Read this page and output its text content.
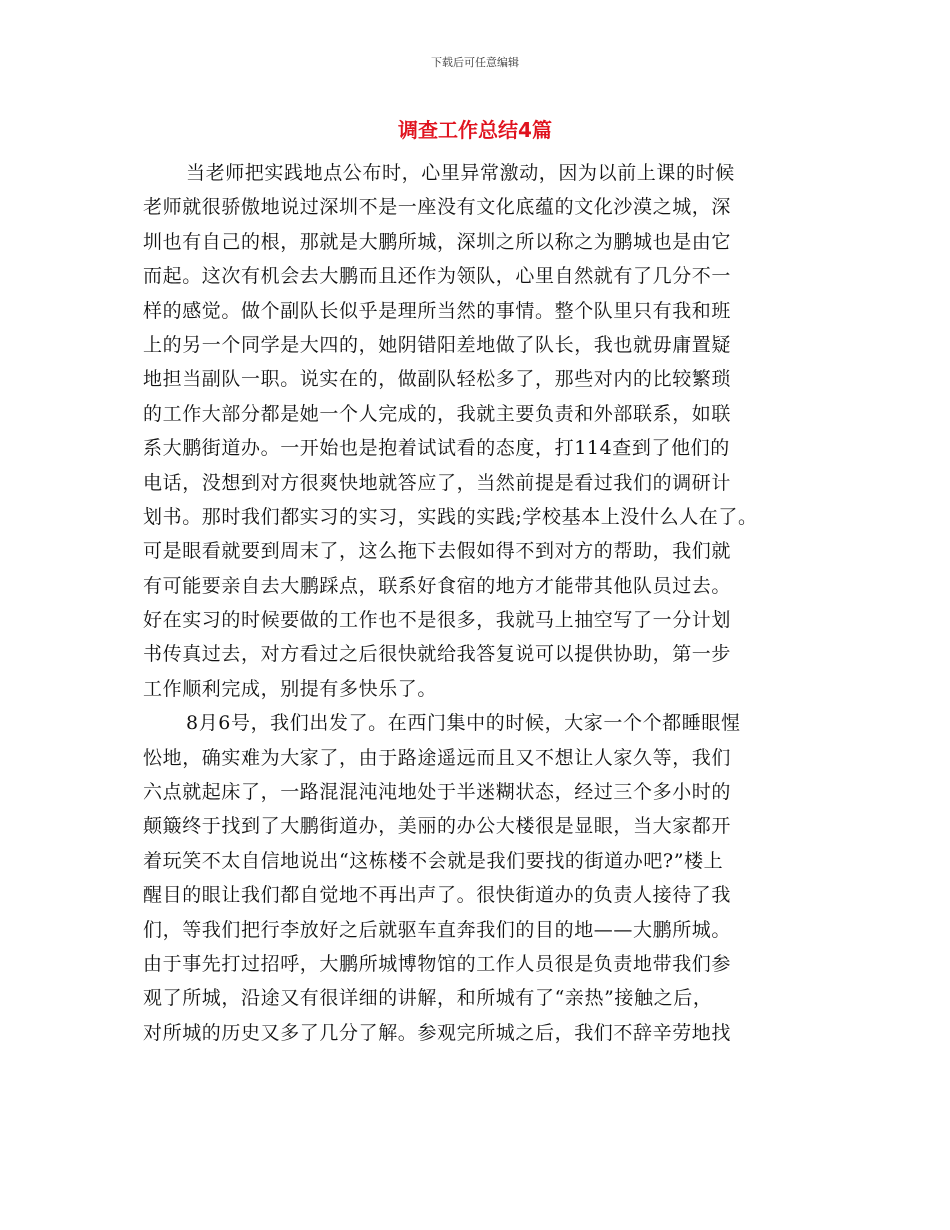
下载后可任意编辑
调查工作总结4篇
当老师把实践地点公布时，心里异常激动，因为以前上课的时候
老师就很骄傲地说过深圳不是一座没有文化底蕴的文化沙漠之城，深
圳也有自己的根，那就是大鹏所城，深圳之所以称之为鹏城也是由它
而起。这次有机会去大鹏而且还作为领队，心里自然就有了几分不一
样的感觉。做个副队长似乎是理所当然的事情。整个队里只有我和班
上的另一个同学是大四的，她阴错阳差地做了队长，我也就毋庸置疑
地担当副队一职。说实在的，做副队轻松多了，那些对内的比较繁琐
的工作大部分都是她一个人完成的，我就主要负责和外部联系，如联
系大鹏街道办。一开始也是抱着试试看的态度，打114查到了他们的
电话，没想到对方很爽快地就答应了，当然前提是看过我们的调研计
划书。那时我们都实习的实习，实践的实践;学校基本上没什么人在了。
可是眼看就要到周末了，这么拖下去假如得不到对方的帮助，我们就
有可能要亲自去大鹏踩点，联系好食宿的地方才能带其他队员过去。
好在实习的时候要做的工作也不是很多，我就马上抽空写了一分计划
书传真过去，对方看过之后很快就给我答复说可以提供协助，第一步
工作顺利完成，别提有多快乐了。
8月6号，我们出发了。在西门集中的时候，大家一个个都睡眼惺
忪地，确实难为大家了，由于路途遥远而且又不想让人家久等，我们
六点就起床了，一路混混沌沌地处于半迷糊状态，经过三个多小时的
颠簸终于找到了大鹏街道办，美丽的办公大楼很是显眼，当大家都开
着玩笑不太自信地说出“这栋楼不会就是我们要找的街道办吧?”楼上
醒目的眼让我们都自觉地不再出声了。很快街道办的负责人接待了我
们，等我们把行李放好之后就驱车直奔我们的目的地——大鹏所城。
由于事先打过招呼，大鹏所城博物馆的工作人员很是负责地带我们参
观了所城，沿途又有很详细的讲解，和所城有了“亲热”接触之后，
对所城的历史又多了几分了解。参观完所城之后，我们不辞辛劳地找
